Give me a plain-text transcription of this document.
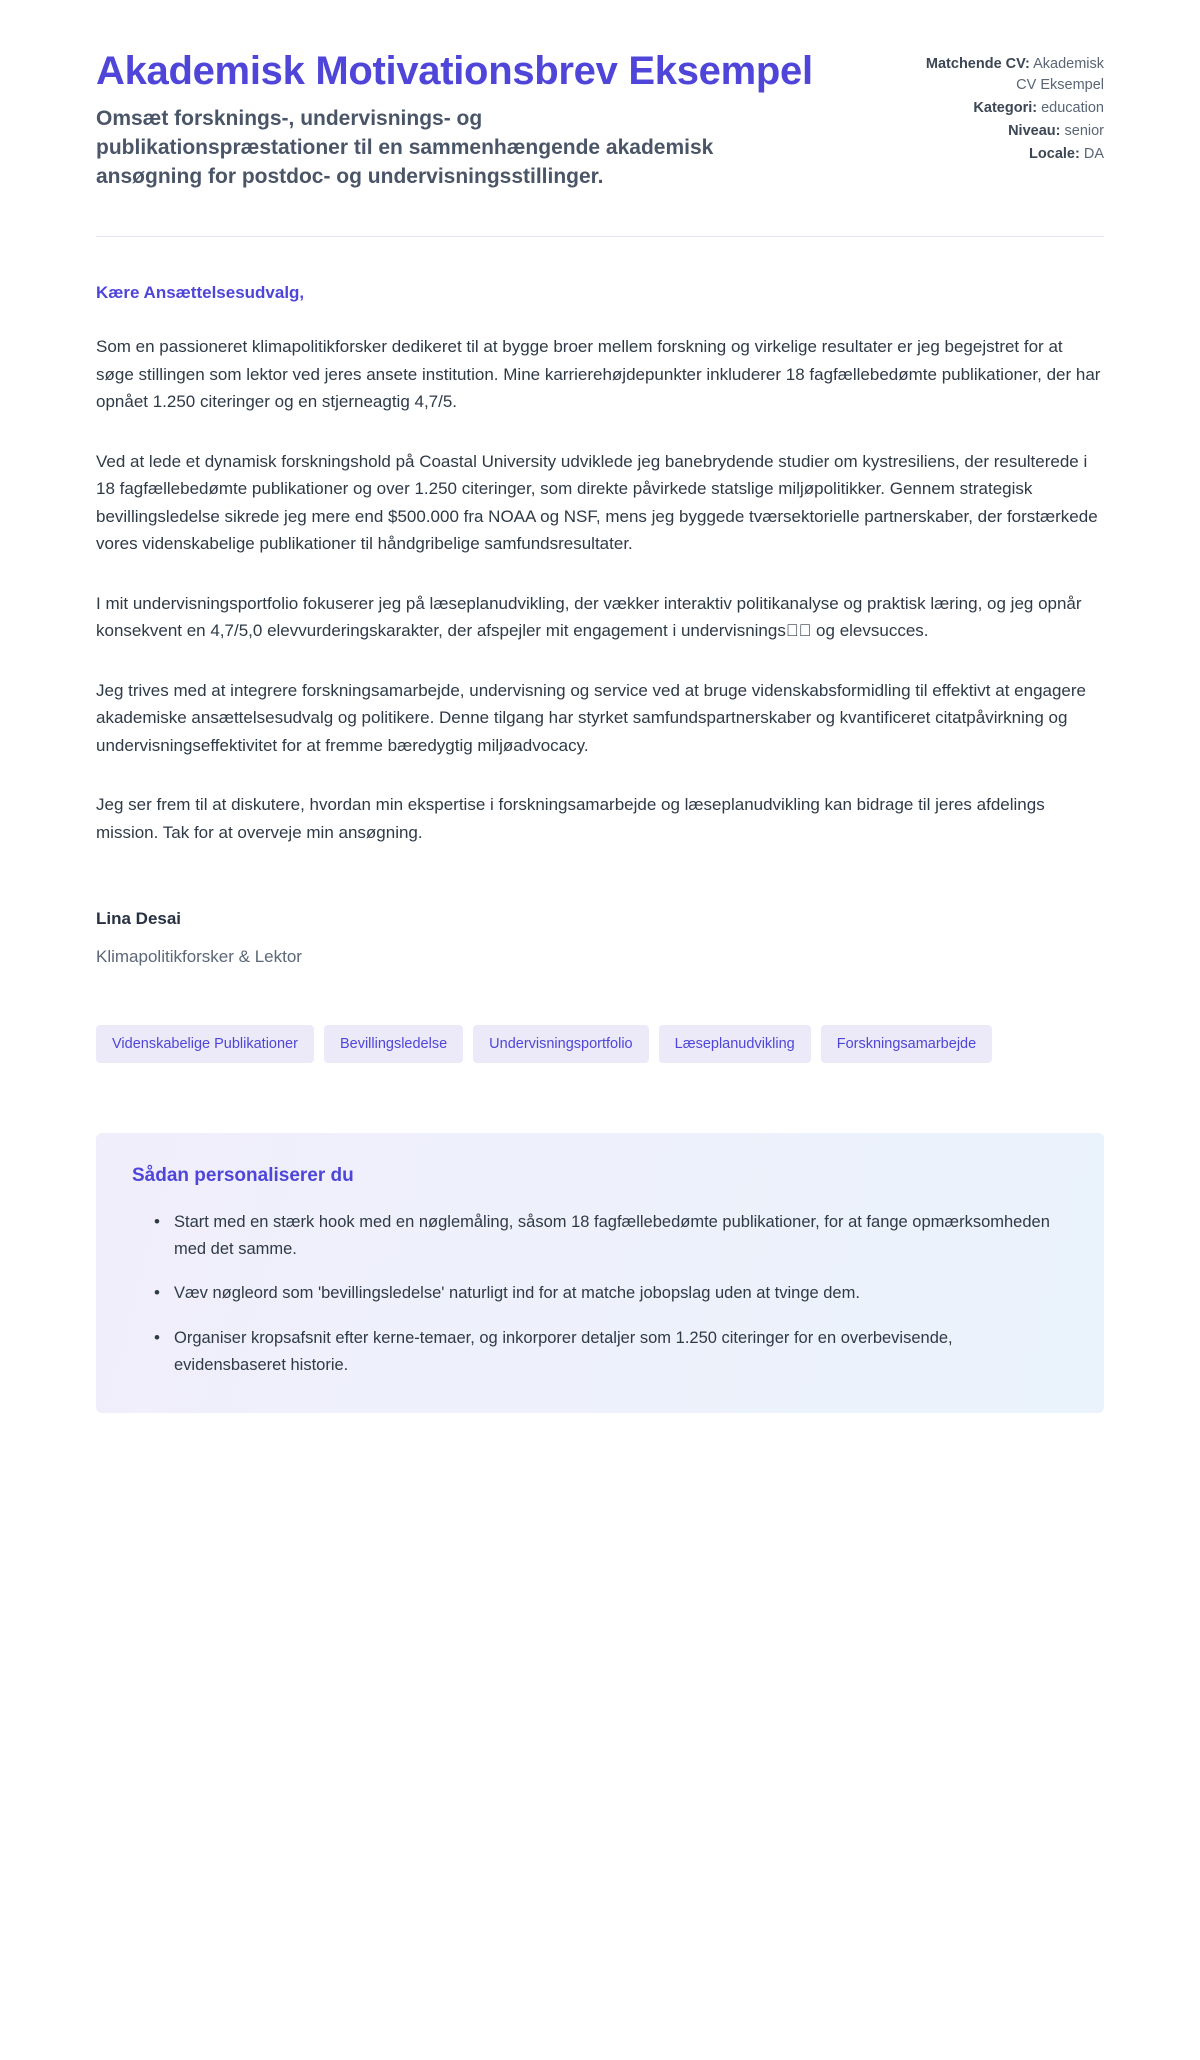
Akademisk Motivationsbrev Eksempel

Omsæt forsknings-, undervisnings- og publikationspræstationer til en sammenhængende akademisk ansøgning for postdoc- og undervisningsstillinger.

Matchende CV: Akademisk CV Eksempel
Kategori: education
Niveau: senior
Locale: DA

Kære Ansættelsesudvalg,

Som en passioneret klimapolitikforsker dedikeret til at bygge broer mellem forskning og virkelige resultater er jeg begejstret for at søge stillingen som lektor ved jeres ansete institution. Mine karrierehøjdepunkter inkluderer 18 fagfællebedømte publikationer, der har opnået 1.250 citeringer og en stjerneagtig 4,7/5.

Ved at lede et dynamisk forskningshold på Coastal University udviklede jeg banebrydende studier om kystresiliens, der resulterede i 18 fagfællebedømte publikationer og over 1.250 citeringer, som direkte påvirkede statslige miljøpolitikker. Gennem strategisk bevillingsledelse sikrede jeg mere end $500.000 fra NOAA og NSF, mens jeg byggede tværsektorielle partnerskaber, der forstærkede vores videnskabelige publikationer til håndgribelige samfundsresultater.

I mit undervisningsportfolio fokuserer jeg på læseplanudvikling, der vækker interaktiv politikanalyse og praktisk læring, og jeg opnår konsekvent en 4,7/5,0 elevvurderingskarakter, der afspejler mit engagement i undervisnings􏿿􏿿 og elevsucces.

Jeg trives med at integrere forskningsamarbejde, undervisning og service ved at bruge videnskabsformidling til effektivt at engagere akademiske ansættelsesudvalg og politikere. Denne tilgang har styrket samfundspartnerskaber og kvantificeret citatpåvirkning og undervisningseffektivitet for at fremme bæredygtig miljøadvocacy.

Jeg ser frem til at diskutere, hvordan min ekspertise i forskningsamarbejde og læseplanudvikling kan bidrage til jeres afdelings mission. Tak for at overveje min ansøgning.

Lina Desai

Klimapolitikforsker & Lektor

Videnskabelige Publikationer	Bevillingsledelse	Undervisningsportfolio	Læseplanudvikling	Forskningsamarbejde
Sådan personaliserer du
• Start med en stærk hook med en nøglemåling, såsom 18 fagfællebedømte publikationer, for at fange opmærksomheden med det samme.
• Væv nøgleord som 'bevillingsledelse' naturligt ind for at matche jobopslag uden at tvinge dem.
• Organiser kropsafsnit efter kerne-temaer, og inkorporer detaljer som 1.250 citeringer for en overbevisende, evidensbaseret historie.
